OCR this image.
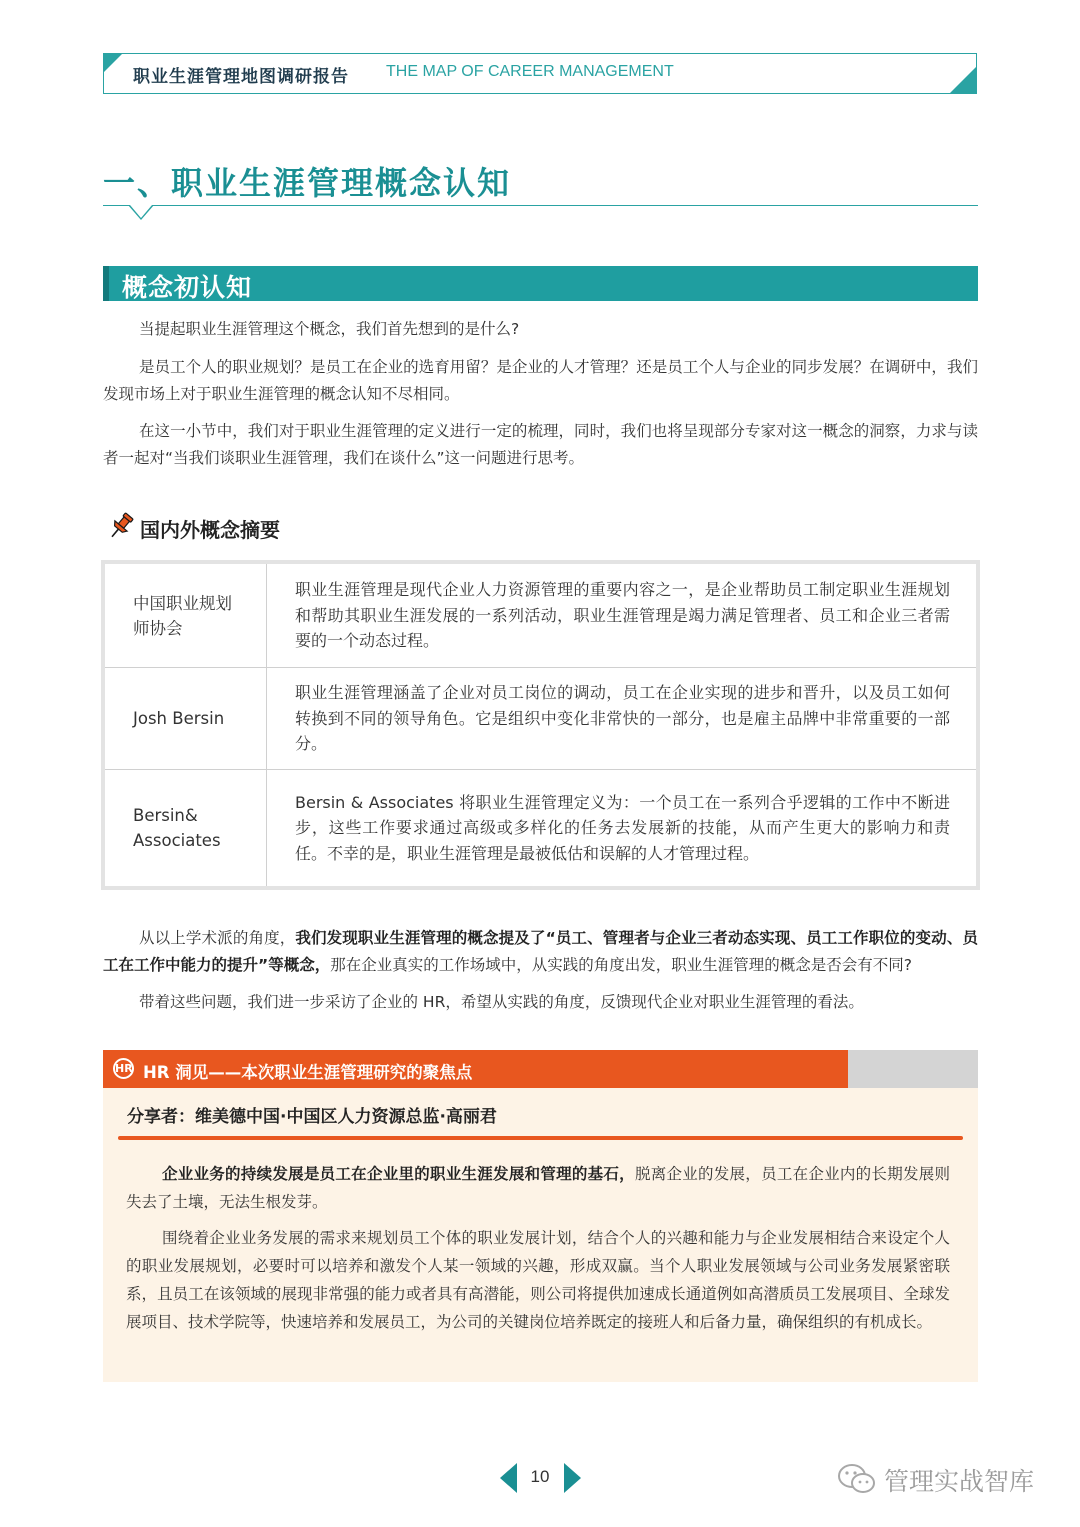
职业生涯管理地图调研报告 THE MAP OF CAREER MANAGEMENT
一、职业生涯管理概念认知
概念初认知

当提起职业生涯管理这个概念，我们首先想到的是什么?

是员工个人的职业规划？是员工在企业的选育用留？是企业的人才管理？还是员工个人与企业的同步发展？在调研中，我们发现市场上对于职业生涯管理的概念认知不尽相同。

在这一小节中，我们对于职业生涯管理的定义进行一定的梳理，同时，我们也将呈现部分专家对这一概念的洞察，力求与读者一起对“当我们谈职业生涯管理，我们在谈什么”这一问题进行思考。

国内外概念摘要
中国职业规划师协会
职业生涯管理是现代企业人力资源管理的重要内容之一，是企业帮助员工制定职业生涯规划和帮助其职业生涯发展的一系列活动，职业生涯管理是竭力满足管理者、员工和企业三者需要的一个动态过程。
Josh Bersin
职业生涯管理涵盖了企业对员工岗位的调动，员工在企业实现的进步和晋升，以及员工如何转换到不同的领导角色。它是组织中变化非常快的一部分，也是雇主品牌中非常重要的一部分。
Bersin& Associates
Bersin & Associates 将职业生涯管理定义为：一个员工在一系列合乎逻辑的工作中不断进步，这些工作要求通过高级或多样化的任务去发展新的技能，从而产生更大的影响力和责任。不幸的是，职业生涯管理是最被低估和误解的人才管理过程。

从以上学术派的角度，我们发现职业生涯管理的概念提及了“员工、管理者与企业三者动态实现、员工工作职位的变动、员工在工作中能力的提升”等概念，那在企业真实的工作场域中，从实践的角度出发，职业生涯管理的概念是否会有不同?

带着这些问题，我们进一步采访了企业的 HR，希望从实践的角度，反馈现代企业对职业生涯管理的看法。

HR HR 洞见——本次职业生涯管理研究的聚焦点
分享者：维美德中国·中国区人力资源总监·高丽君

企业业务的持续发展是员工在企业里的职业生涯发展和管理的基石，脱离企业的发展，员工在企业内的长期发展则失去了土壤，无法生根发芽。

围绕着企业业务发展的需求来规划员工个体的职业发展计划，结合个人的兴趣和能力与企业发展相结合来设定个人的职业发展规划，必要时可以培养和激发个人某一领域的兴趣，形成双赢。当个人职业发展领域与公司业务发展紧密联系，且员工在该领域的展现非常强的能力或者具有高潜能，则公司将提供加速成长通道例如高潜质员工发展项目、全球发展项目、技术学院等，快速培养和发展员工，为公司的关键岗位培养既定的接班人和后备力量，确保组织的有机成长。

10	管理实战智库
